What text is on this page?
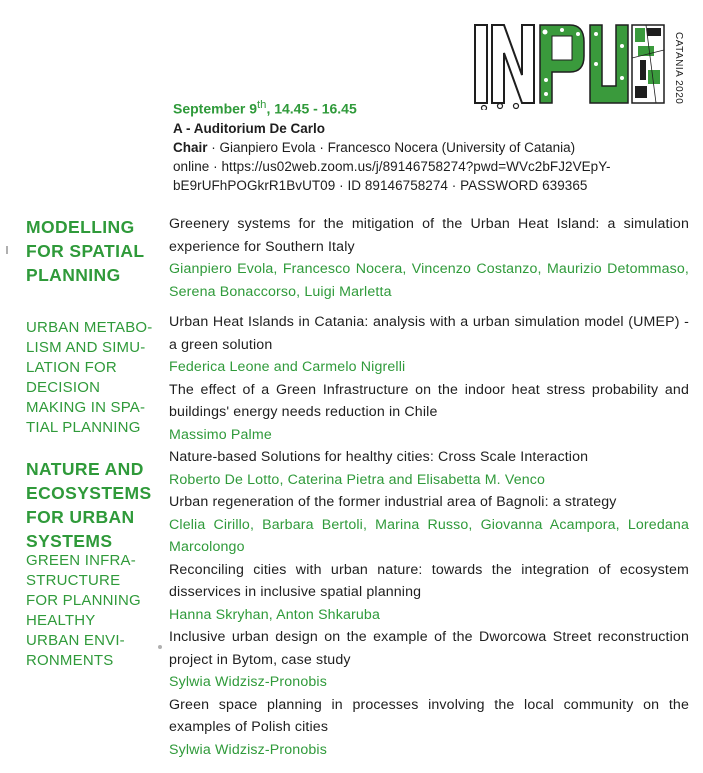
CATANIA 2020
September 9th, 14.45 - 16.45
A - Auditorium De Carlo
Chair · Gianpiero Evola · Francesco Nocera (University of Catania)
online · https://us02web.zoom.us/j/89146758274?pwd=WVc2bFJ2VEpY-
bE9rUFhPOGkrR1BvUT09 · ID 89146758274 · PASSWORD 639365
MODELLING
FOR SPATIAL
PLANNING
URBAN METABO-
LISM AND SIMU-
LATION FOR
DECISION
MAKING IN SPA-
TIAL PLANNING
NATURE AND
ECOSYSTEMS
FOR URBAN
SYSTEMS
GREEN INFRA-
STRUCTURE
FOR PLANNING
HEALTHY
URBAN ENVI-
RONMENTS
Greenery systems for the mitigation of the Urban Heat Island: a simulation experience for Southern Italy
Gianpiero Evola, Francesco Nocera, Vincenzo Costanzo, Maurizio Detommaso, Serena Bonaccorso, Luigi Marletta
Urban Heat Islands in Catania: analysis with a urban simulation model (UMEP) - a green solution
Federica Leone and Carmelo Nigrelli
The effect of a Green Infrastructure on the indoor heat stress probability and buildings' energy needs reduction in Chile
Massimo Palme
Nature-based Solutions for healthy cities: Cross Scale Interaction
Roberto De Lotto, Caterina Pietra and Elisabetta M. Venco
Urban regeneration of the former industrial area of Bagnoli: a strategy
Clelia Cirillo, Barbara Bertoli, Marina Russo, Giovanna Acampora, Loredana Marcolongo
Reconciling cities with urban nature: towards the integration of ecosystem disservices in inclusive spatial planning
Hanna Skryhan, Anton Shkaruba
Inclusive urban design on the example of the Dworcowa Street reconstruction project in Bytom, case study
Sylwia Widzisz-Pronobis
Green space planning in processes involving the local community on the examples of Polish cities
Sylwia Widzisz-Pronobis
